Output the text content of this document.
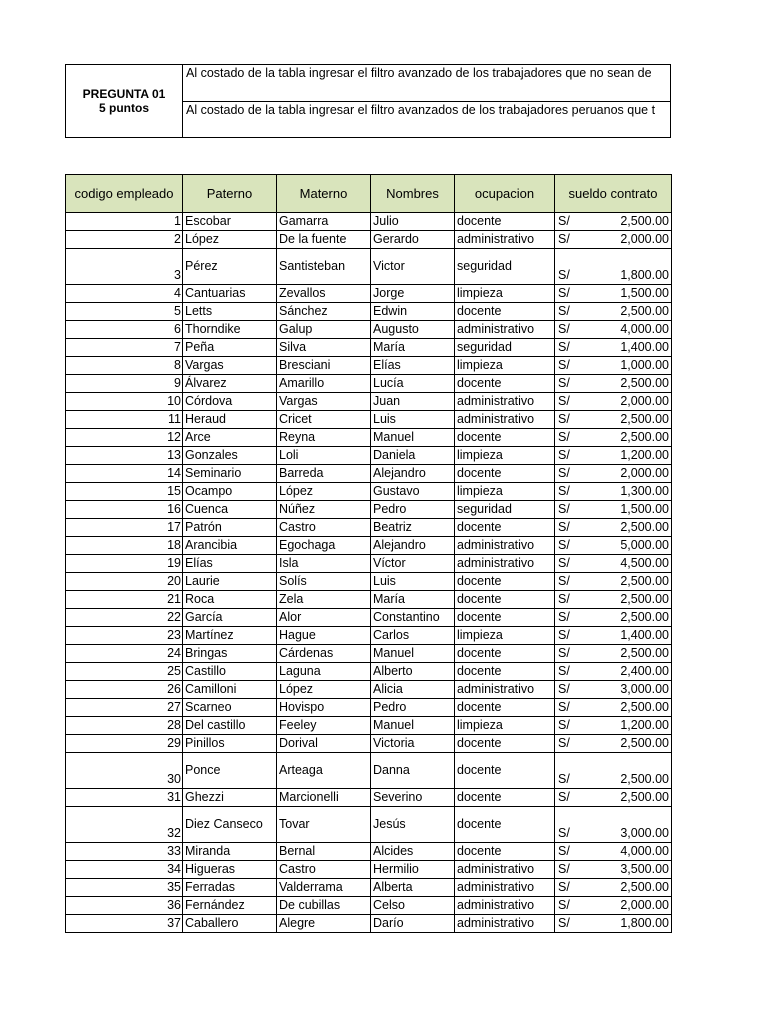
PREGUNTA 01
5 puntos
Al costado de la tabla ingresar el filtro avanzado de los trabajadores que no sean de
Al costado de la tabla ingresar el filtro avanzados de los trabajadores peruanos que t
codigo empleado	Paterno	Materno	Nombres	ocupacion	sueldo contrato
1	Escobar	Gamarra	Julio	docente	S/ 2,500.00

2	López	De la fuente	Gerardo	administrativo	S/ 2,000.00

3	Pérez	Santisteban	Victor	seguridad	S/ 1,800.00

4	Cantuarias	Zevallos	Jorge	limpieza	S/ 1,500.00

5	Letts	Sánchez	Edwin	docente	S/ 2,500.00

6	Thorndike	Galup	Augusto	administrativo	S/ 4,000.00

7	Peña	Silva	María	seguridad	S/ 1,400.00

8	Vargas	Bresciani	Elías	limpieza	S/ 1,000.00

9	Álvarez	Amarillo	Lucía	docente	S/ 2,500.00

10	Córdova	Vargas	Juan	administrativo	S/ 2,000.00

11	Heraud	Cricet	Luis	administrativo	S/ 2,500.00

12	Arce	Reyna	Manuel	docente	S/ 2,500.00

13	Gonzales	Loli	Daniela	limpieza	S/ 1,200.00

14	Seminario	Barreda	Alejandro	docente	S/ 2,000.00

15	Ocampo	López	Gustavo	limpieza	S/ 1,300.00

16	Cuenca	Núñez	Pedro	seguridad	S/ 1,500.00

17	Patrón	Castro	Beatriz	docente	S/ 2,500.00

18	Arancibia	Egochaga	Alejandro	administrativo	S/ 5,000.00

19	Elías	Isla	Víctor	administrativo	S/ 4,500.00

20	Laurie	Solís	Luis	docente	S/ 2,500.00

21	Roca	Zela	María	docente	S/ 2,500.00

22	García	Alor	Constantino	docente	S/ 2,500.00

23	Martínez	Hague	Carlos	limpieza	S/ 1,400.00

24	Bringas	Cárdenas	Manuel	docente	S/ 2,500.00

25	Castillo	Laguna	Alberto	docente	S/ 2,400.00

26	Camilloni	López	Alicia	administrativo	S/ 3,000.00

27	Scarneo	Hovispo	Pedro	docente	S/ 2,500.00

28	Del castillo	Feeley	Manuel	limpieza	S/ 1,200.00

29	Pinillos	Dorival	Victoria	docente	S/ 2,500.00

30	Ponce	Arteaga	Danna	docente	S/ 2,500.00

31	Ghezzi	Marcionelli	Severino	docente	S/ 2,500.00

32	Diez Canseco	Tovar	Jesús	docente	S/ 3,000.00

33	Miranda	Bernal	Alcides	docente	S/ 4,000.00

34	Higueras	Castro	Hermilio	administrativo	S/ 3,500.00

35	Ferradas	Valderrama	Alberta	administrativo	S/ 2,500.00

36	Fernández	De cubillas	Celso	administrativo	S/ 2,000.00

37	Caballero	Alegre	Darío	administrativo	S/ 1,800.00
